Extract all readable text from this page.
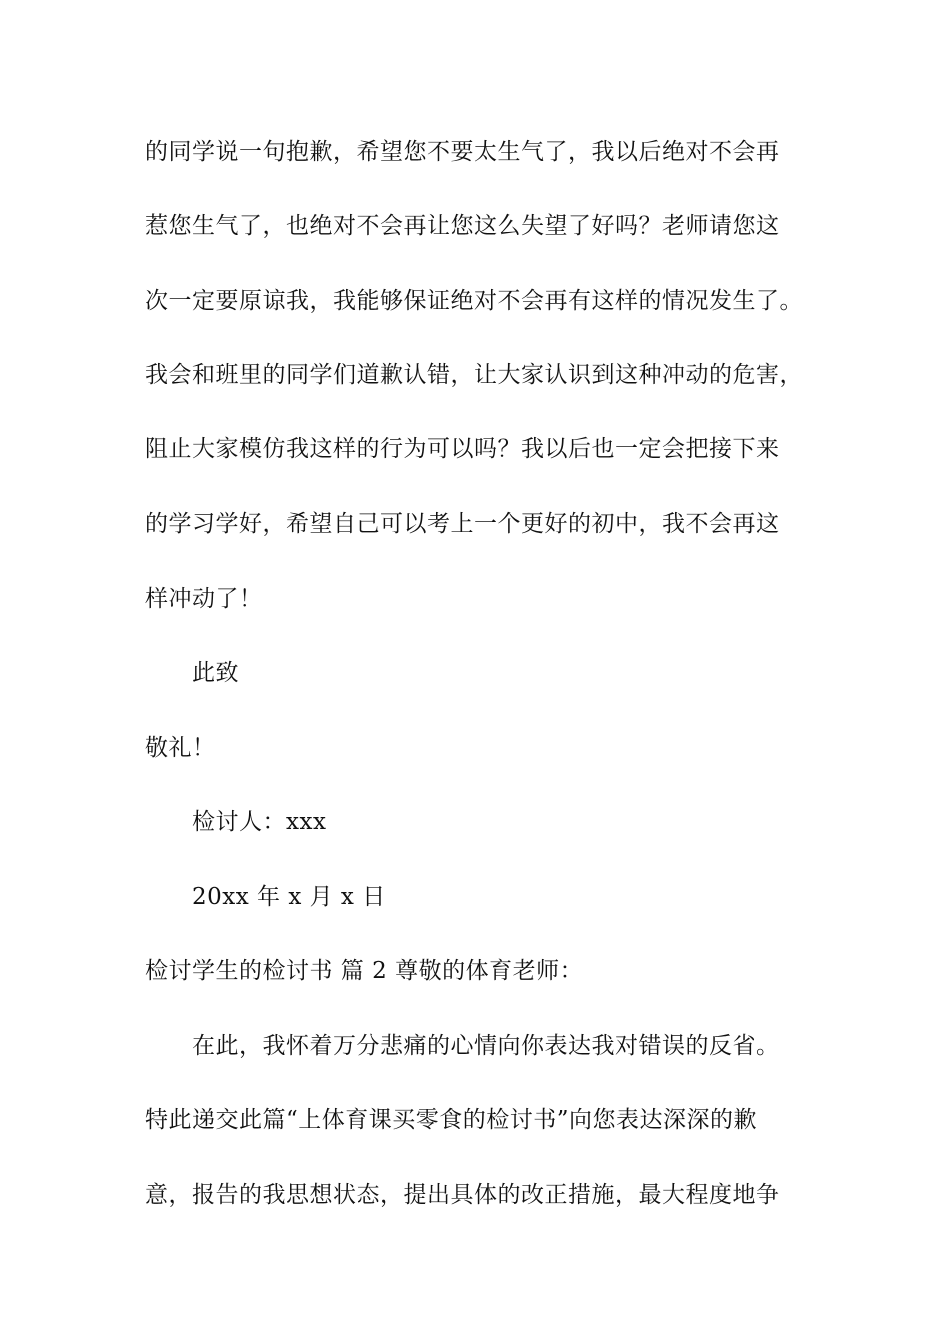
的同学说一句抱歉，希望您不要太生气了，我以后绝对不会再
惹您生气了，也绝对不会再让您这么失望了好吗？老师请您这
次一定要原谅我，我能够保证绝对不会再有这样的情况发生了。
我会和班里的同学们道歉认错，让大家认识到这种冲动的危害，
阻止大家模仿我这样的行为可以吗？我以后也一定会把接下来
的学习学好，希望自己可以考上一个更好的初中，我不会再这
样冲动了！
此致
敬礼！
检讨人：xxx
20xx 年 x 月 x 日
检讨学生的检讨书 篇 2 尊敬的体育老师：
在此，我怀着万分悲痛的心情向你表达我对错误的反省。
特此递交此篇“上体育课买零食的检讨书”向您表达深深的歉
意，报告的我思想状态，提出具体的改正措施，最大程度地争
